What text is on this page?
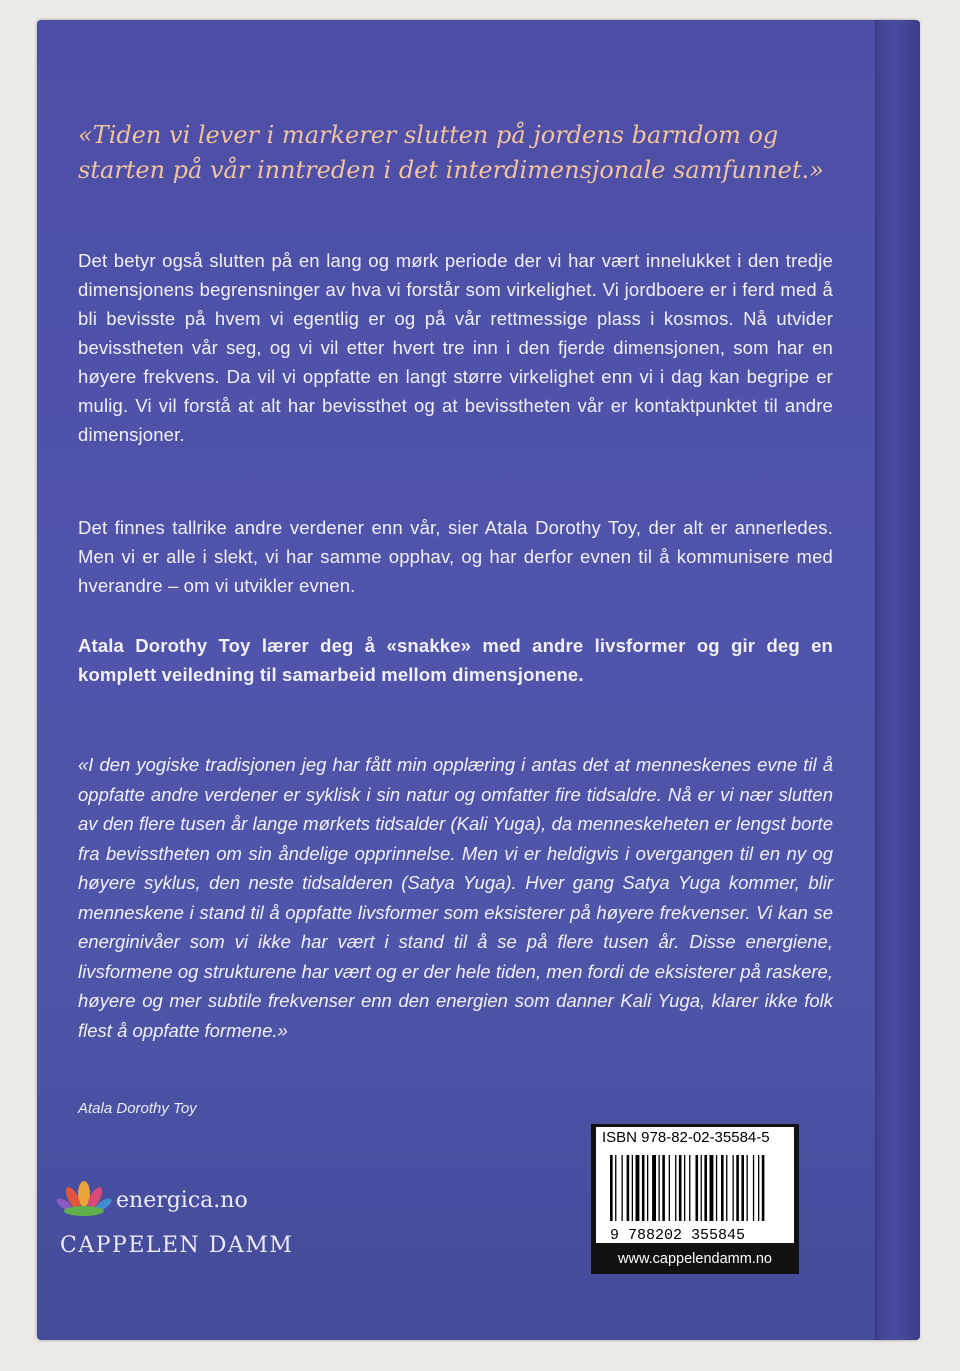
«Tiden vi lever i markerer slutten på jordens barndom og starten på vår inntreden i det interdimensjonale samfunnet.»
Det betyr også slutten på en lang og mørk periode der vi har vært innelukket i den tredje dimensjonens begrensninger av hva vi forstår som virkelighet. Vi jordboere er i ferd med å bli bevisste på hvem vi egentlig er og på vår rettmessige plass i kosmos. Nå utvider bevisstheten vår seg, og vi vil etter hvert tre inn i den fjerde dimensjonen, som har en høyere frekvens. Da vil vi oppfatte en langt større virkelighet enn vi i dag kan begripe er mulig. Vi vil forstå at alt har bevissthet og at bevisstheten vår er kontaktpunktet til andre dimensjoner.
Det finnes tallrike andre verdener enn vår, sier Atala Dorothy Toy, der alt er annerledes. Men vi er alle i slekt, vi har samme opphav, og har derfor evnen til å kommunisere med hverandre – om vi utvikler evnen.
Atala Dorothy Toy lærer deg å «snakke» med andre livsformer og gir deg en komplett veiledning til samarbeid mellom dimensjonene.
«I den yogiske tradisjonen jeg har fått min opplæring i antas det at menneskenes evne til å oppfatte andre verdener er syklisk i sin natur og omfatter fire tidsaldre. Nå er vi nær slutten av den flere tusen år lange mørkets tidsalder (Kali Yuga), da menneskeheten er lengst borte fra bevisstheten om sin åndelige opprinnelse. Men vi er heldigvis i overgangen til en ny og høyere syklus, den neste tidsalderen (Satya Yuga). Hver gang Satya Yuga kommer, blir menneskene i stand til å oppfatte livsformer som eksisterer på høyere frekvenser. Vi kan se energinivåer som vi ikke har vært i stand til å se på flere tusen år. Disse energiene, livsformene og strukturene har vært og er der hele tiden, men fordi de eksisterer på raskere, høyere og mer subtile frekvenser enn den energien som danner Kali Yuga, klarer ikke folk flest å oppfatte formene.»
Atala Dorothy Toy
energica.no
CAPPELEN DAMM
ISBN 978-82-02-35584-5
9 788202 355845
www.cappelendamm.no
